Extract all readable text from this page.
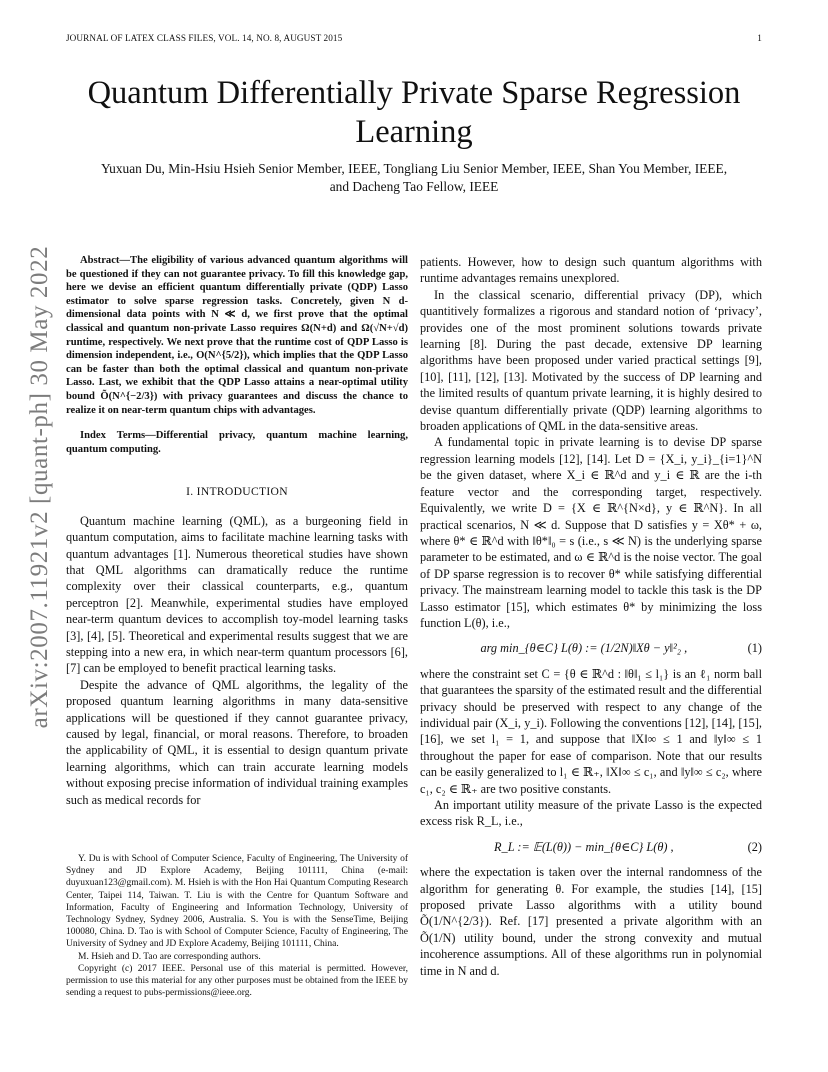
JOURNAL OF LATEX CLASS FILES, VOL. 14, NO. 8, AUGUST 2015	1
arXiv:2007.11921v2 [quant-ph] 30 May 2022
Quantum Differentially Private Sparse Regression Learning
Yuxuan Du, Min-Hsiu Hsieh Senior Member, IEEE, Tongliang Liu Senior Member, IEEE, Shan You Member, IEEE, and Dacheng Tao Fellow, IEEE

Abstract—The eligibility of various advanced quantum algorithms will be questioned if they can not guarantee privacy. To fill this knowledge gap, here we devise an efficient quantum differentially private (QDP) Lasso estimator to solve sparse regression tasks. Concretely, given N d-dimensional data points with N ≪ d, we first prove that the optimal classical and quantum non-private Lasso requires Ω(N+d) and Ω(√N+√d) runtime, respectively. We next prove that the runtime cost of QDP Lasso is dimension independent, i.e., O(N^{5/2}), which implies that the QDP Lasso can be faster than both the optimal classical and quantum non-private Lasso. Last, we exhibit that the QDP Lasso attains a near-optimal utility bound Õ(N^{−2/3}) with privacy guarantees and discuss the chance to realize it on near-term quantum chips with advantages.

Index Terms—Differential privacy, quantum machine learning, quantum computing.

I. INTRODUCTION

Quantum machine learning (QML), as a burgeoning field in quantum computation, aims to facilitate machine learning tasks with quantum advantages [1]. Numerous theoretical studies have shown that QML algorithms can dramatically reduce the runtime complexity over their classical counterparts, e.g., quantum perceptron [2]. Meanwhile, experimental studies have employed near-term quantum devices to accomplish toy-model learning tasks [3], [4], [5]. Theoretical and experimental results suggest that we are stepping into a new era, in which near-term quantum processors [6], [7] can be employed to benefit practical learning tasks.

Despite the advance of QML algorithms, the legality of the proposed quantum learning algorithms in many data-sensitive applications will be questioned if they cannot guarantee privacy, caused by legal, financial, or moral reasons. Therefore, to broaden the applicability of QML, it is essential to design quantum private learning algorithms, which can train accurate learning models without exposing precise information of individual training examples such as medical records for

Y. Du is with School of Computer Science, Faculty of Engineering, The University of Sydney and JD Explore Academy, Beijing 101111, China (e-mail: duyuxuan123@gmail.com). M. Hsieh is with the Hon Hai Quantum Computing Research Center, Taipei 114, Taiwan. T. Liu is with the Centre for Quantum Software and Information, Faculty of Engineering and Information Technology, University of Technology Sydney, Sydney 2006, Australia. S. You is with the SenseTime, Beijing 100080, China. D. Tao is with School of Computer Science, Faculty of Engineering, The University of Sydney and JD Explore Academy, Beijing 101111, China.

M. Hsieh and D. Tao are corresponding authors.

Copyright (c) 2017 IEEE. Personal use of this material is permitted. However, permission to use this material for any other purposes must be obtained from the IEEE by sending a request to pubs-permissions@ieee.org.

patients. However, how to design such quantum algorithms with runtime advantages remains unexplored.

In the classical scenario, differential privacy (DP), which quantitively formalizes a rigorous and standard notion of ‘privacy’, provides one of the most prominent solutions towards private learning [8]. During the past decade, extensive DP learning algorithms have been proposed under varied practical settings [9], [10], [11], [12], [13]. Motivated by the success of DP learning and the limited results of quantum private learning, it is highly desired to devise quantum differentially private (QDP) learning algorithms to broaden applications of QML in the data-sensitive areas.

A fundamental topic in private learning is to devise DP sparse regression learning models [12], [14]. Let D = {X_i, y_i}_{i=1}^N be the given dataset, where X_i ∈ ℝ^d and y_i ∈ ℝ are the i-th feature vector and the corresponding target, respectively. Equivalently, we write D = {X ∈ ℝ^{N×d}, y ∈ ℝ^N}. In all practical scenarios, N ≪ d. Suppose that D satisfies y = Xθ* + ω, where θ* ∈ ℝ^d with ‖θ*‖₀ = s (i.e., s ≪ N) is the underlying sparse parameter to be estimated, and ω ∈ ℝ^d is the noise vector. The goal of DP sparse regression is to recover θ* while satisfying differential privacy. The mainstream learning model to tackle this task is the DP Lasso estimator [15], which estimates θ* by minimizing the loss function L(θ), i.e.,

arg min_{θ∈C} L(θ) := (1/2N)‖Xθ − y‖²₂ ,	(1)

where the constraint set C = {θ ∈ ℝ^d : ‖θ‖₁ ≤ l₁} is an ℓ₁ norm ball that guarantees the sparsity of the estimated result and the differential privacy should be preserved with respect to any change of the individual pair (X_i, y_i). Following the conventions [12], [14], [15], [16], we set l₁ = 1, and suppose that ‖X‖∞ ≤ 1 and ‖y‖∞ ≤ 1 throughout the paper for ease of comparison. Note that our results can be easily generalized to l₁ ∈ ℝ₊, ‖X‖∞ ≤ c₁, and ‖y‖∞ ≤ c₂, where c₁, c₂ ∈ ℝ₊ are two positive constants.

An important utility measure of the private Lasso is the expected excess risk R_L, i.e.,

R_L := 𝔼(L(θ)) − min_{θ∈C} L(θ) ,	(2)

where the expectation is taken over the internal randomness of the algorithm for generating θ. For example, the studies [14], [15] proposed private Lasso algorithms with a utility bound Õ(1/N^{2/3}). Ref. [17] presented a private algorithm with an Õ(1/N) utility bound, under the strong convexity and mutual incoherence assumptions. All of these algorithms run in polynomial time in N and d.
